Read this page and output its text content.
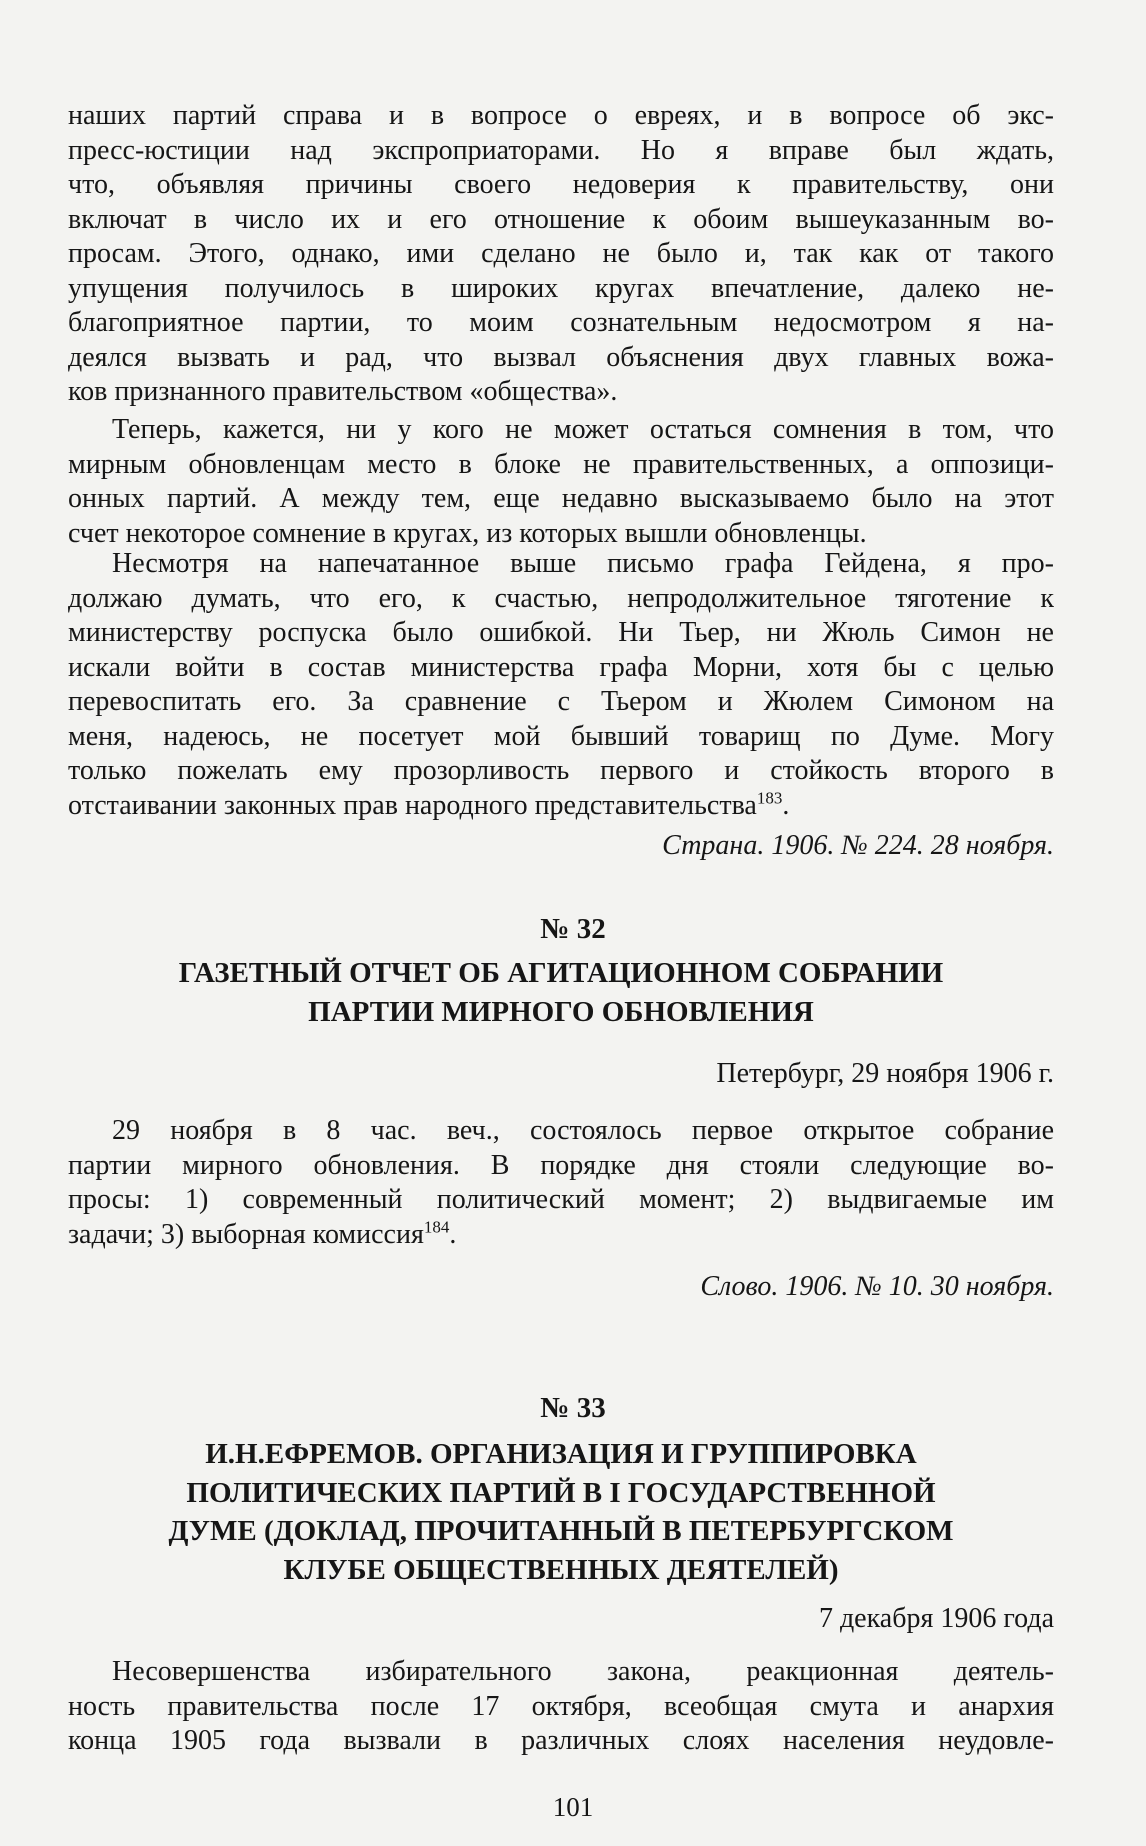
наших партий справа и в вопросе о евреях, и в вопросе об экс-
пресс-юстиции над экспроприаторами. Но я вправе был ждать,
что, объявляя причины своего недоверия к правительству, они
включат в число их и его отношение к обоим вышеуказанным во-
просам. Этого, однако, ими сделано не было и, так как от такого
упущения получилось в широких кругах впечатление, далеко не-
благоприятное партии, то моим сознательным недосмотром я на-
деялся вызвать и рад, что вызвал объяснения двух главных вожа-
ков признанного правительством «общества».
Теперь, кажется, ни у кого не может остаться сомнения в том, что
мирным обновленцам место в блоке не правительственных, а оппозици-
онных партий. А между тем, еще недавно высказываемо было на этот
счет некоторое сомнение в кругах, из которых вышли обновленцы.
Несмотря на напечатанное выше письмо графа Гейдена, я про-
должаю думать, что его, к счастью, непродолжительное тяготение к
министерству роспуска было ошибкой. Ни Тьер, ни Жюль Симон не
искали войти в состав министерства графа Морни, хотя бы с целью
перевоспитать его. За сравнение с Тьером и Жюлем Симоном на
меня, надеюсь, не посетует мой бывший товарищ по Думе. Могу
только пожелать ему прозорливость первого и стойкость второго в
отстаивании законных прав народного представительства$^{183}$.
Страна. 1906. № 224. 28 ноября.
№ 32
ГАЗЕТНЫЙ ОТЧЕТ ОБ АГИТАЦИОННОМ СОБРАНИИ
ПАРТИИ МИРНОГО ОБНОВЛЕНИЯ
Петербург, 29 ноября 1906 г.
29 ноября в 8 час. веч., состоялось первое открытое собрание
партии мирного обновления. В порядке дня стояли следующие во-
просы: 1) современный политический момент; 2) выдвигаемые им
задачи; 3) выборная комиссия$^{184}$.
Слово. 1906. № 10. 30 ноября.
№ 33
И.Н.ЕФРЕМОВ. ОРГАНИЗАЦИЯ И ГРУППИРОВКА
ПОЛИТИЧЕСКИХ ПАРТИЙ В I ГОСУДАРСТВЕННОЙ
ДУМЕ (ДОКЛАД, ПРОЧИТАННЫЙ В ПЕТЕРБУРГСКОМ
КЛУБЕ ОБЩЕСТВЕННЫХ ДЕЯТЕЛЕЙ)
7 декабря 1906 года
Несовершенства избирательного закона, реакционная деятель-
ность правительства после 17 октября, всеобщая смута и анархия
конца 1905 года вызвали в различных слоях населения неудовле-
101
